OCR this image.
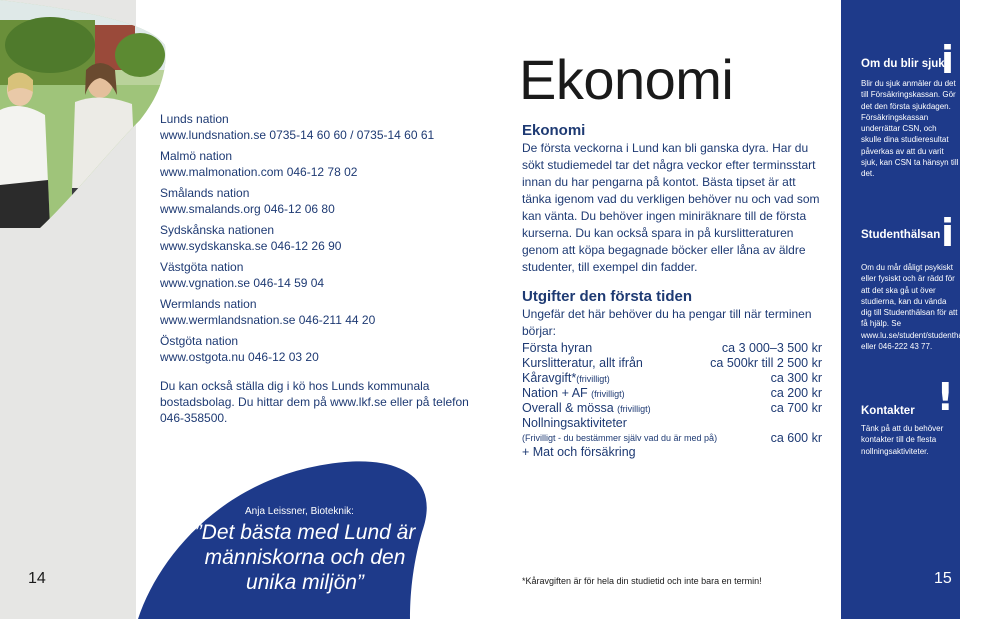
Lunds nation
www.lundsnation.se 0735-14 60 60 / 0735-14 60 61
Malmö nation
www.malmonation.com 046-12 78 02
Smålands nation
www.smalands.org 046-12 06 80
Sydskånska nationen
www.sydskanska.se 046-12 26 90
Västgöta nation
www.vgnation.se 046-14 59 04
Wermlands nation
www.wermlandsnation.se 046-211 44 20
Östgöta nation
www.ostgota.nu 046-12 03 20
Du kan också ställa dig i kö hos Lunds kommunala bostadsbolag. Du hittar dem på www.lkf.se eller på telefon 046-358500.
Anja Leissner, Bioteknik:
”Det bästa med Lund är människorna och den unika miljön”
14
Ekonomi
Ekonomi
De första veckorna i Lund kan bli ganska dyra. Har du sökt studiemedel tar det några veckor efter terminsstart innan du har pengarna på kontot. Bästa tipset är att tänka igenom vad du verkligen behöver nu och vad som kan vänta. Du behöver ingen miniräknare till de första kurserna. Du kan också spara in på kurslitteraturen genom att köpa begagnade böcker eller låna av äldre studenter, till exempel din fadder.
Utgifter den första tiden
Ungefär det här behöver du ha pengar till när terminen börjar:
Första hyran	ca 3 000–3 500 kr
Kurslitteratur, allt ifrån	ca 500kr till 2 500 kr
Kåravgift*(frivilligt)	ca 300 kr
Nation + AF (frivilligt)	ca 200 kr
Overall & mössa (frivilligt)	ca 700 kr
Nollningsaktiviteter
(Frivilligt - du bestämmer själv vad du är med på)	ca 600 kr
+ Mat och försäkring
*Kåravgiften är för hela din studietid och inte bara en termin!
i
Om du blir sjuk
Blir du sjuk anmäler du det till Försäkringskassan. Gör det den första sjukdagen. Försäkringskassan underrättar CSN, och skulle dina studieresultat påverkas av att du varit sjuk, kan CSN ta hänsyn till det.
i
Studenthälsan
Om du mår dåligt psykiskt eller fysiskt och är rädd för att det ska gå ut över studierna, kan du vända dig till Studenthälsan för att få hjälp. Se www.lu.se/student/studenthaelsan eller 046-222 43 77.
!
Kontakter
Tänk på att du behöver kontakter till de flesta nollningsaktiviteter.
15
